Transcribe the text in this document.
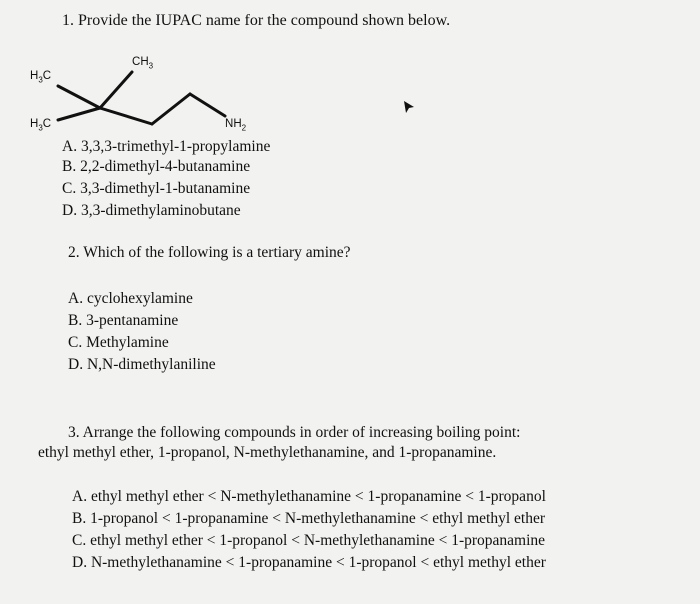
1. Provide the IUPAC name for the compound shown below.
$CH_3$
$H_3C$
$H_3C$	$NH_2$
A. 3,3,3-trimethyl-1-propylamine
B. 2,2-dimethyl-4-butanamine
C. 3,3-dimethyl-1-butanamine
D. 3,3-dimethylaminobutane
2. Which of the following is a tertiary amine?
A. cyclohexylamine
B. 3-pentanamine
C. Methylamine
D. N,N-dimethylaniline
3. Arrange the following compounds in order of increasing boiling point:
ethyl methyl ether, 1-propanol, N-methylethanamine, and 1-propanamine.
A. ethyl methyl ether < N-methylethanamine < 1-propanamine < 1-propanol
B. 1-propanol < 1-propanamine < N-methylethanamine < ethyl methyl ether
C. ethyl methyl ether < 1-propanol < N-methylethanamine < 1-propanamine
D. N-methylethanamine < 1-propanamine < 1-propanol < ethyl methyl ether
